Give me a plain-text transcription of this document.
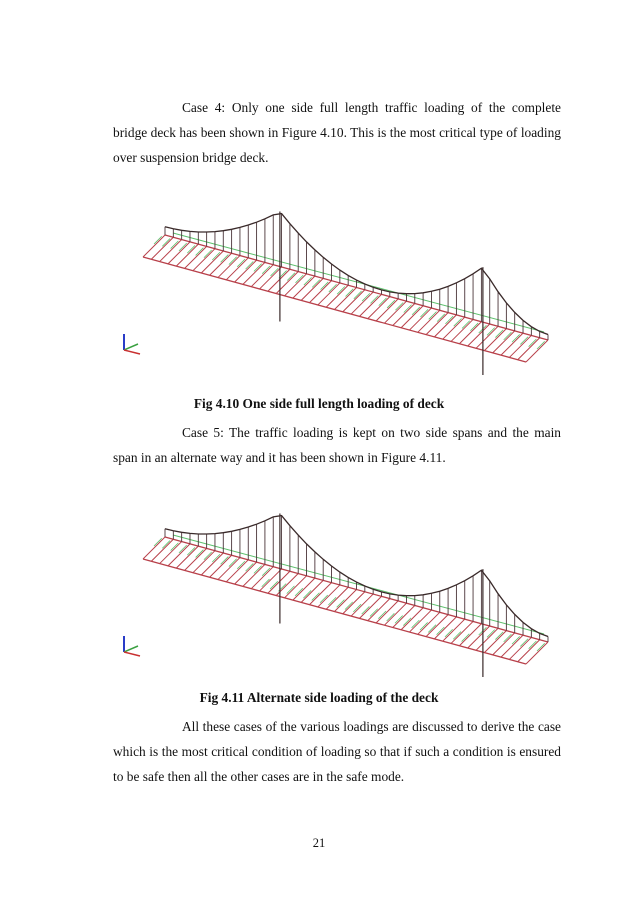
Case 4: Only one side full length traffic loading of the complete bridge deck has been shown in Figure 4.10. This is the most critical type of loading over suspension bridge deck.

Fig 4.10 One side full length loading of deck

Case 5: The traffic loading is kept on two side spans and the main span in an alternate way and it has been shown in Figure 4.11.

Fig 4.11 Alternate side loading of the deck

All these cases of the various loadings are discussed to derive the case which is the most critical condition of loading so that if such a condition is ensured to be safe then all the other cases are in the safe mode.

21
